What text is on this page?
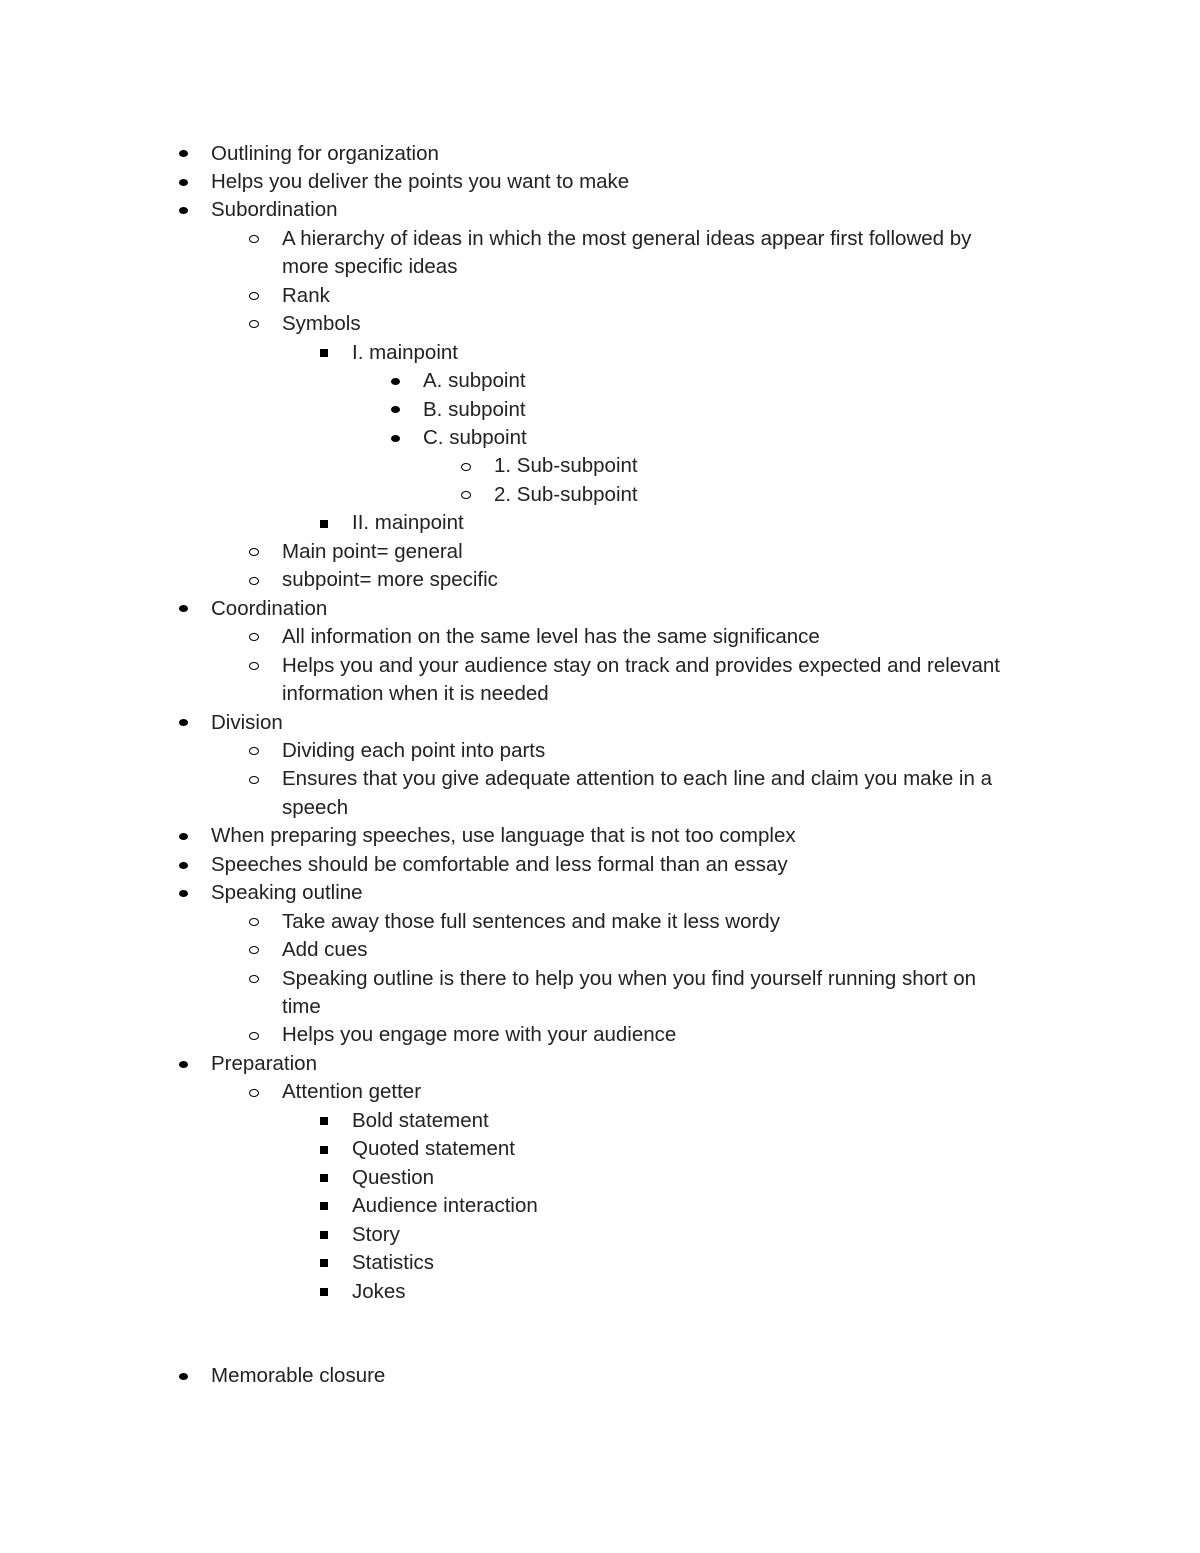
Outlining for organization
Helps you deliver the points you want to make
Subordination
A hierarchy of ideas in which the most general ideas appear first followed by
more specific ideas
Rank
Symbols
I. mainpoint
A. subpoint
B. subpoint
C. subpoint
1. Sub-subpoint
2. Sub-subpoint
II. mainpoint
Main point= general
subpoint= more specific
Coordination
All information on the same level has the same significance
Helps you and your audience stay on track and provides expected and relevant
information when it is needed
Division
Dividing each point into parts
Ensures that you give adequate attention to each line and claim you make in a
speech
When preparing speeches, use language that is not too complex
Speeches should be comfortable and less formal than an essay
Speaking outline
Take away those full sentences and make it less wordy
Add cues
Speaking outline is there to help you when you find yourself running short on
time
Helps you engage more with your audience
Preparation
Attention getter
Bold statement
Quoted statement
Question
Audience interaction
Story
Statistics
Jokes
Memorable closure
